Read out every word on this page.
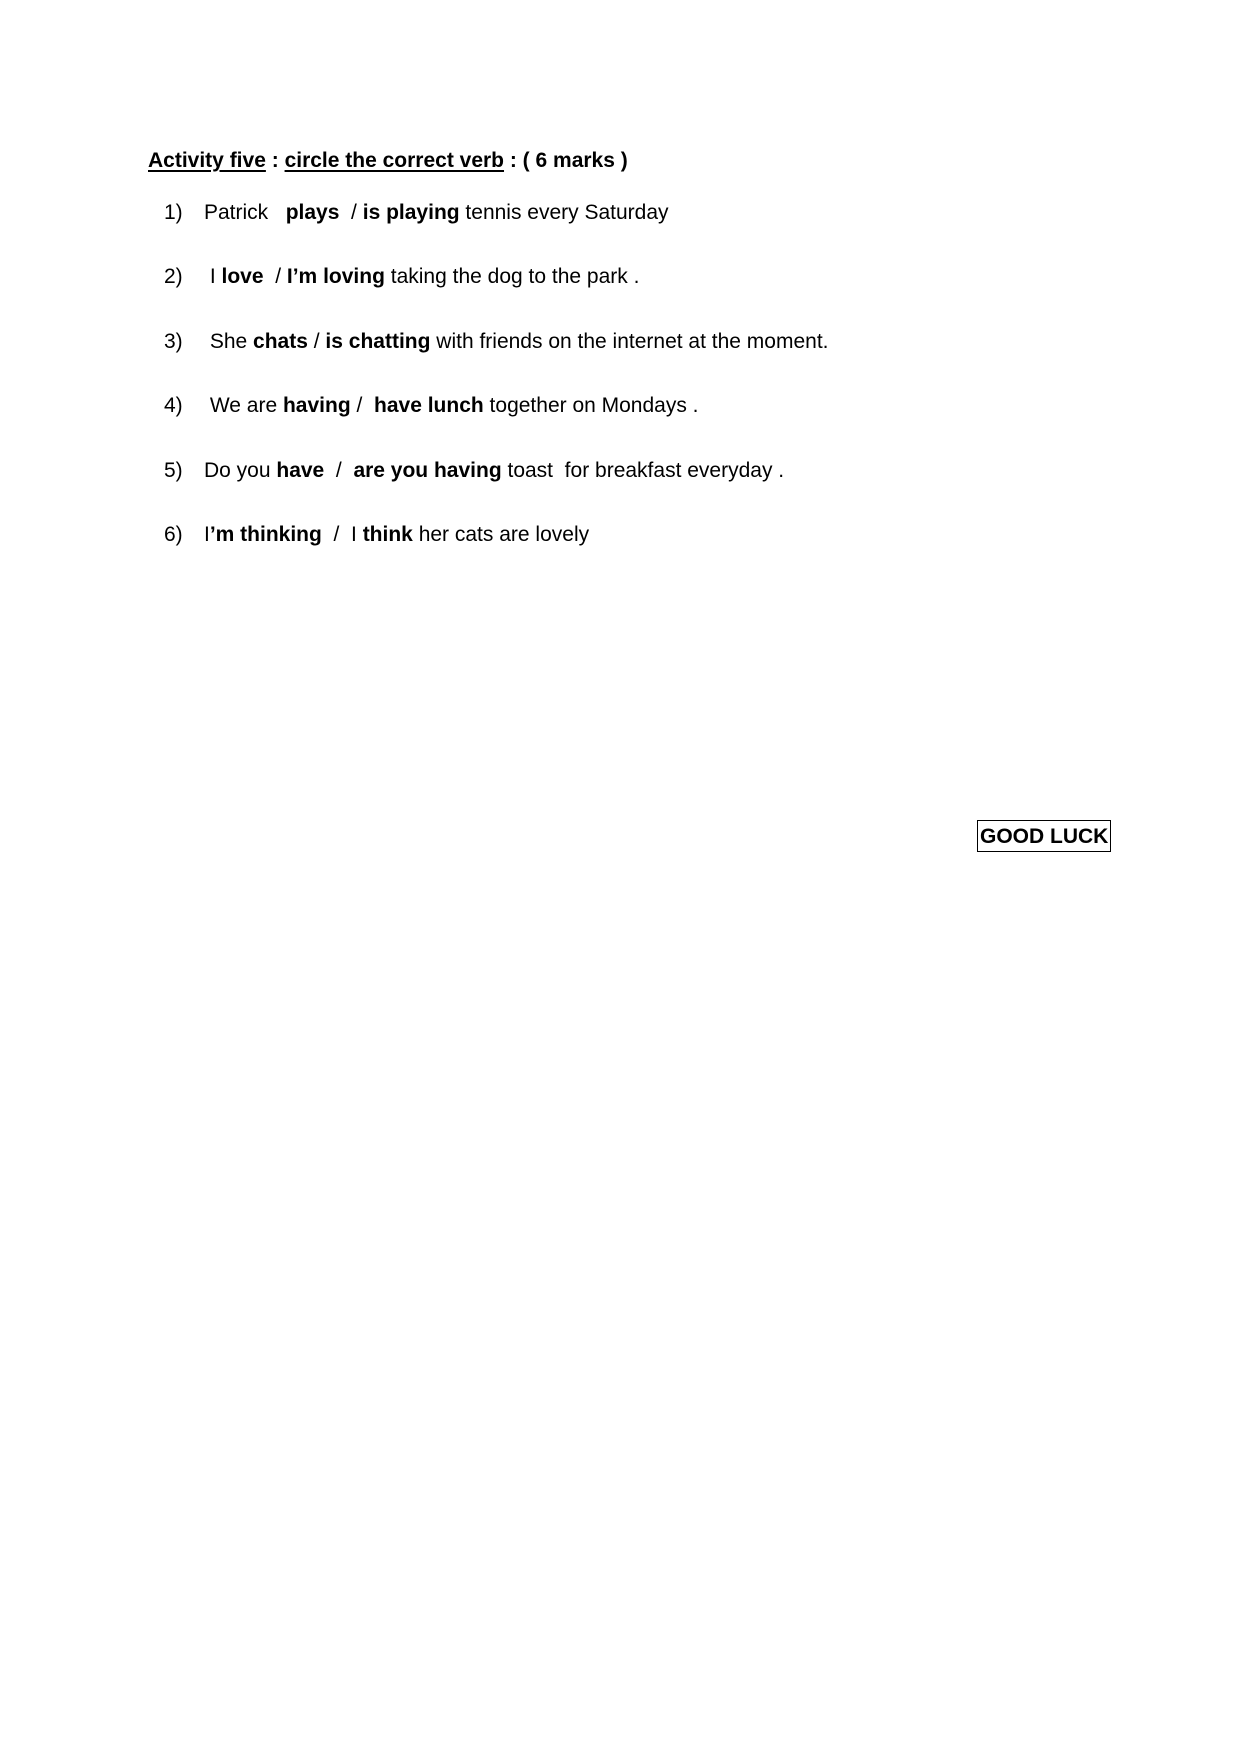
Activity five : circle the correct verb : ( 6 marks )
1)	Patrick   plays  / is playing tennis every Saturday
2)	I love  / I’m loving taking the dog to the park .
3)	She chats / is chatting with friends on the internet at the moment.
4)	We are having /  have lunch together on Mondays .
5)	Do you have  /  are you having toast  for breakfast everyday .
6)	I’m thinking  /  I think her cats are lovely
GOOD LUCK
